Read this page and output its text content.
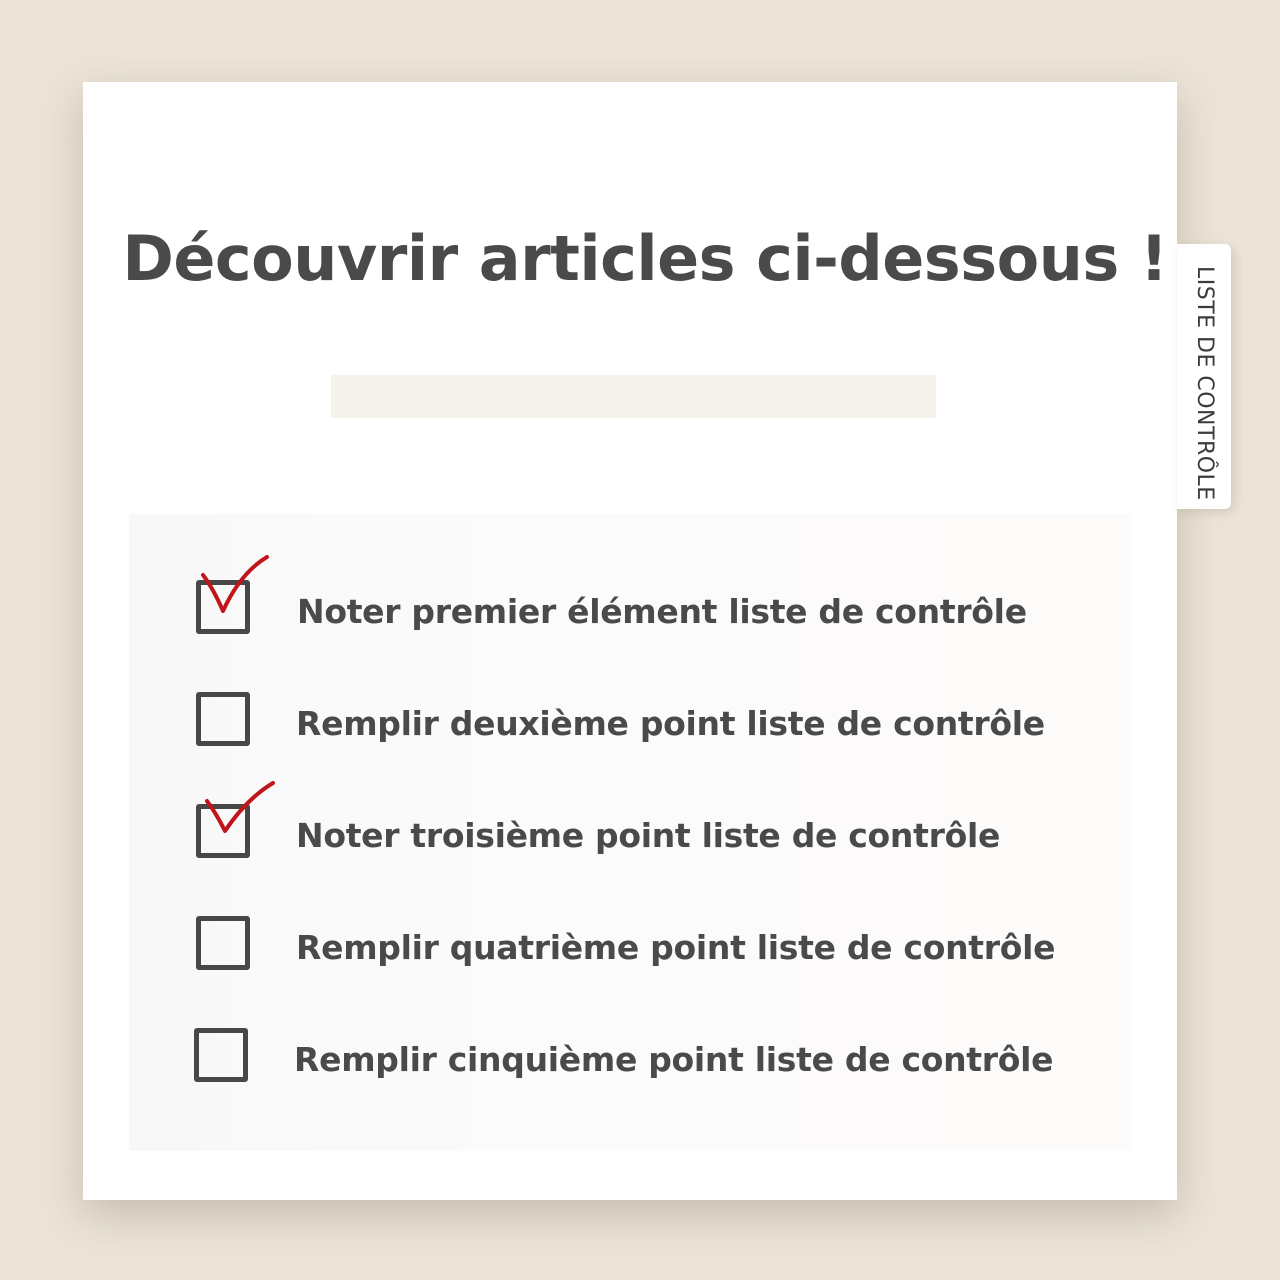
LISTE DE CONTRÔLE
Découvrir articles ci-dessous !
Noter premier élément liste de contrôle
Remplir deuxième point liste de contrôle
Noter troisième point liste de contrôle
Remplir quatrième point liste de contrôle
Remplir cinquième point liste de contrôle
